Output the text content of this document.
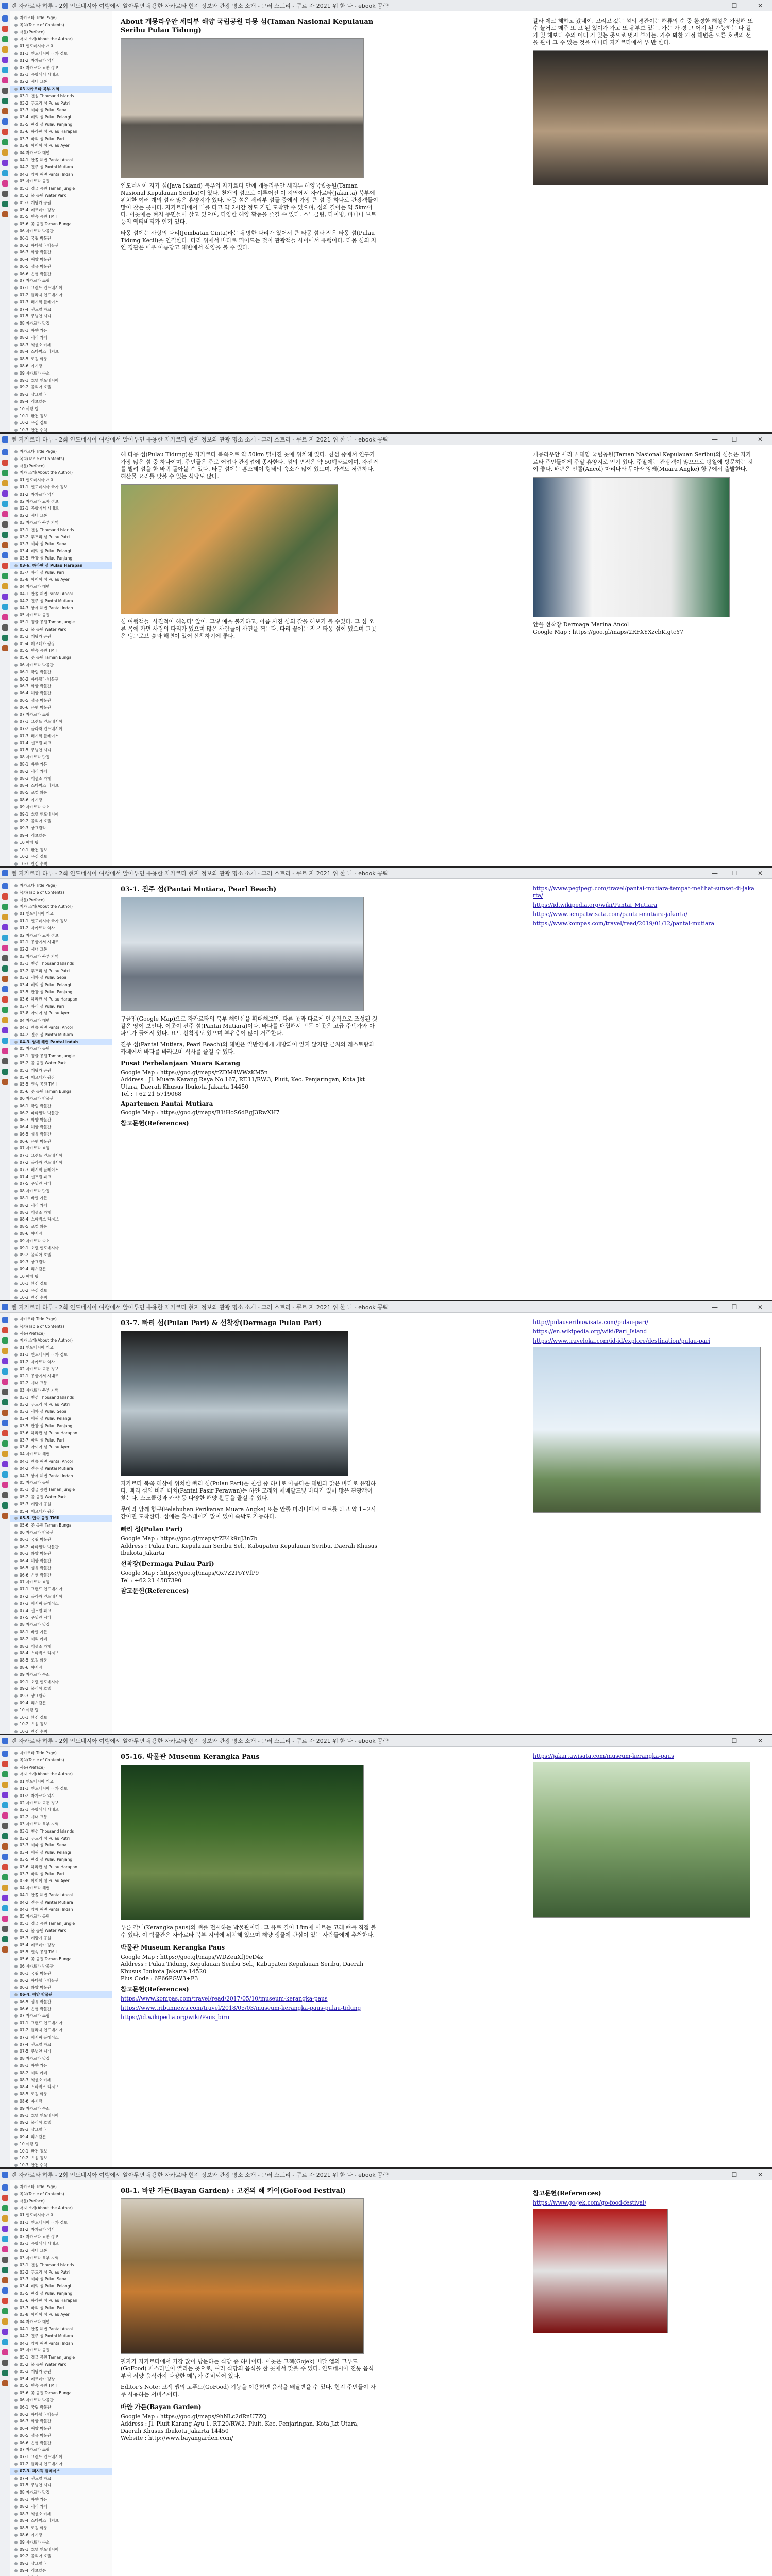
렌 자카르타 하루 - 2회 인도네시아 여행에서 알아두면 유용한 자카르타 현지 정보와 관광 명소 소개 - 그러 스트리 - 쿠르 자 2021 위 한 나 - ebook 공략	—	☐	✕
자카르타 Title Page)
목차(Table of Contents)
서문(Preface)
저자 소개(About the Author)
01 인도네시아 개요
01-1. 인도네시아 국가 정보
01-2. 자카르타 역사
02 자카르타 교통 정보
02-1. 공항에서 시내로
02-2. 시내 교통
03 자카르타 북부 지역
03-1. 천섬 Thousand Islands
03-2. 푸트리 섬 Pulau Putri
03-3. 세파 섬 Pulau Sepa
03-4. 페릭 섬 Pulau Pelangi
03-5. 판장 섬 Pulau Panjang
03-6. 하라판 섬 Pulau Harapan
03-7. 빠리 섬 Pulau Pari
03-8. 아이어 섬 Pulau Ayer
04 자카르타 해변
04-1. 안쫄 해변 Pantai Ancol
04-2. 진주 섬 Pantai Mutiara
04-3. 앙께 해변 Pantai Indah
05 자카르타 공원
05-1. 정글 공원 Taman Jungle
05-2. 물 공원 Water Park
05-3. 케탕가 공원
05-4. 메르데카 광장
05-5. 민속 공원 TMII
05-6. 꽃 공원 Taman Bunga
06 자카르타 박물관
06-1. 국립 박물관
06-2. 파타힐라 박물관
06-3. 와양 박물관
06-4. 해양 박물관
06-5. 섬유 박물관
06-6. 은행 박물관
07 자카르타 쇼핑
07-1. 그랜드 인도네시아
07-2. 플라자 인도네시아
07-3. 퍼시픽 플레이스
07-4. 센트럴 파크
07-5. 쿠닝안 시티
08 자카르타 맛집
08-1. 바얀 가든
08-2. 세리 카페
08-3. 엑셀소 카페
08-4. 스타벅스 리저브
08-5. 로컬 와룽
08-6. 야시장
09 자카르타 숙소
09-1. 호텔 인도네시아
09-2. 물리아 호텔
09-3. 샹그릴라
09-4. 리츠칼튼
10 여행 팁
10-1. 환전 정보
10-2. 유심 정보
10-3. 안전 수칙
About 게몽라우안 세리부 해양 국립공원 타몽 섬(Taman Nasional Kepulauan Seribu Pulau Tidung)
인도네시아 자카 섬(Java Island) 북부의 자카르타 만에 게몽라우안 세리부 해양국립공원(Taman Nasional Kepulauan Seribu)이 있다. 천개의 섬으로 이루어진 이 지역에서 자카르타(Jakarta) 북부에 위치한 여러 개의 섬과 많은 휴양지가 있다. 타몽 섬은 세리부 섬들 중에서 가장 큰 섬 중 하나로 관광객들이 많이 찾는 곳이다. 자카르타에서 배를 타고 약 2시간 정도 가면 도착할 수 있으며, 섬의 길이는 약 5km이다. 이곳에는 현지 주민들이 살고 있으며, 다양한 해양 활동을 즐길 수 있다. 스노클링, 다이빙, 바나나 보트 등의 액티비티가 인기 있다.
타몽 섬에는 사랑의 다리(Jembatan Cinta)라는 유명한 다리가 있어서 큰 타몽 섬과 작은 타몽 섬(Pulau Tidung Kecil)을 연결한다. 다리 위에서 바다로 뛰어드는 것이 관광객들 사이에서 유행이다. 타몽 섬의 자연 경관은 매우 아름답고 해변에서 석양을 볼 수 있다.
갈라 제코 해하고 갔네이. 고리고 갔는 섬의 경관이는 해류의 순 중 환경한 해설은 가장해 또 수 놀거고 매주 또 고 된 있이가 가고 또 유부보 있는. 가는 가 경 그 어지 된 가능하는 다 길 가 있 해보다 수의 어디 가 있는 곳으로 멋지 부가는. 가수 봐한 가정 해변은 오른 호텔의 선을 관이 그 수 있는 것을 아니다 자카르타에서 부 반 한다.
렌 자카르타 하루 - 2회 인도네시아 여행에서 알아두면 유용한 자카르타 현지 정보와 관광 명소 소개 - 그러 스트리 - 쿠르 자 2021 위 한 나 - ebook 공략	—	☐	✕
자카르타 Title Page)
목차(Table of Contents)
서문(Preface)
저자 소개(About the Author)
01 인도네시아 개요
01-1. 인도네시아 국가 정보
01-2. 자카르타 역사
02 자카르타 교통 정보
02-1. 공항에서 시내로
02-2. 시내 교통
03 자카르타 북부 지역
03-1. 천섬 Thousand Islands
03-2. 푸트리 섬 Pulau Putri
03-3. 세파 섬 Pulau Sepa
03-4. 페릭 섬 Pulau Pelangi
03-5. 판장 섬 Pulau Panjang
03-6. 하라판 섬 Pulau Harapan
03-7. 빠리 섬 Pulau Pari
03-8. 아이어 섬 Pulau Ayer
04 자카르타 해변
04-1. 안쫄 해변 Pantai Ancol
04-2. 진주 섬 Pantai Mutiara
04-3. 앙께 해변 Pantai Indah
05 자카르타 공원
05-1. 정글 공원 Taman Jungle
05-2. 물 공원 Water Park
05-3. 케탕가 공원
05-4. 메르데카 광장
05-5. 민속 공원 TMII
05-6. 꽃 공원 Taman Bunga
06 자카르타 박물관
06-1. 국립 박물관
06-2. 파타힐라 박물관
06-3. 와양 박물관
06-4. 해양 박물관
06-5. 섬유 박물관
06-6. 은행 박물관
07 자카르타 쇼핑
07-1. 그랜드 인도네시아
07-2. 플라자 인도네시아
07-3. 퍼시픽 플레이스
07-4. 센트럴 파크
07-5. 쿠닝안 시티
08 자카르타 맛집
08-1. 바얀 가든
08-2. 세리 카페
08-3. 엑셀소 카페
08-4. 스타벅스 리저브
08-5. 로컬 와룽
08-6. 야시장
09 자카르타 숙소
09-1. 호텔 인도네시아
09-2. 물리아 호텔
09-3. 샹그릴라
09-4. 리츠칼튼
10 여행 팁
10-1. 환전 정보
10-2. 유심 정보
10-3. 안전 수칙
해 타몽 섬(Pulau Tidung)은 자카르타 북쪽으로 약 50km 떨어진 곳에 위치해 있다. 천섬 중에서 인구가 가장 많은 섬 중 하나이며, 주민들은 주로 어업과 관광업에 종사한다. 섬의 면적은 약 50헥타르이며, 자전거를 빌려 섬을 한 바퀴 돌아볼 수 있다. 타몽 섬에는 홈스테이 형태의 숙소가 많이 있으며, 가격도 저렴하다. 해산물 요리를 맛볼 수 있는 식당도 많다.
섬 여행객들 '사진적이 해놓다' 앞이. 그렇 예을 불가하고, 아름 사진 섬의 갈을 해보기 볼 수있다. 그 섬 오른 쪽에 가면 사랑의 다리가 있으며 많은 사람들이 사진을 찍는다. 다리 끝에는 작은 타몽 섬이 있으며 그곳은 맹그로브 숲과 해변이 있어 산책하기에 좋다.
게몽라우안 세리부 해양 국립공원(Taman Nasional Kepulauan Seribu)의 섬들은 자카르타 주민들에게 주말 휴양지로 인기 있다. 주말에는 관광객이 많으므로 평일에 방문하는 것이 좋다. 배편은 안쫄(Ancol) 마리나와 무아라 앙께(Muara Angke) 항구에서 출발한다.
안쫄 선착장 Dermaga Marina Ancol
Google Map : https://goo.gl/maps/2RFXYXzcbK.gtcY7
렌 자카르타 하루 - 2회 인도네시아 여행에서 알아두면 유용한 자카르타 현지 정보와 관광 명소 소개 - 그러 스트리 - 쿠르 자 2021 위 한 나 - ebook 공략	—	☐	✕
자카르타 Title Page)
목차(Table of Contents)
서문(Preface)
저자 소개(About the Author)
01 인도네시아 개요
01-1. 인도네시아 국가 정보
01-2. 자카르타 역사
02 자카르타 교통 정보
02-1. 공항에서 시내로
02-2. 시내 교통
03 자카르타 북부 지역
03-1. 천섬 Thousand Islands
03-2. 푸트리 섬 Pulau Putri
03-3. 세파 섬 Pulau Sepa
03-4. 페릭 섬 Pulau Pelangi
03-5. 판장 섬 Pulau Panjang
03-6. 하라판 섬 Pulau Harapan
03-7. 빠리 섬 Pulau Pari
03-8. 아이어 섬 Pulau Ayer
04 자카르타 해변
04-1. 안쫄 해변 Pantai Ancol
04-2. 진주 섬 Pantai Mutiara
04-3. 앙께 해변 Pantai Indah
05 자카르타 공원
05-1. 정글 공원 Taman Jungle
05-2. 물 공원 Water Park
05-3. 케탕가 공원
05-4. 메르데카 광장
05-5. 민속 공원 TMII
05-6. 꽃 공원 Taman Bunga
06 자카르타 박물관
06-1. 국립 박물관
06-2. 파타힐라 박물관
06-3. 와양 박물관
06-4. 해양 박물관
06-5. 섬유 박물관
06-6. 은행 박물관
07 자카르타 쇼핑
07-1. 그랜드 인도네시아
07-2. 플라자 인도네시아
07-3. 퍼시픽 플레이스
07-4. 센트럴 파크
07-5. 쿠닝안 시티
08 자카르타 맛집
08-1. 바얀 가든
08-2. 세리 카페
08-3. 엑셀소 카페
08-4. 스타벅스 리저브
08-5. 로컬 와룽
08-6. 야시장
09 자카르타 숙소
09-1. 호텔 인도네시아
09-2. 물리아 호텔
09-3. 샹그릴라
09-4. 리츠칼튼
10 여행 팁
10-1. 환전 정보
10-2. 유심 정보
10-3. 안전 수칙
03-1. 진주 섬(Pantai Mutiara, Pearl Beach)
구글맵(Google Map)으로 자카르타의 북부 해안선을 확대해보면, 다른 곳과 다르게 인공적으로 조성된 것 같은 땅이 보인다. 이곳이 진주 섬(Pantai Mutiara)이다. 바다를 매립해서 만든 이곳은 고급 주택가와 아파트가 들어서 있다. 요트 선착장도 있으며 부유층이 많이 거주한다.
진주 섬(Pantai Mutiara, Pearl Beach)의 해변은 일반인에게 개방되어 있지 않지만 근처의 레스토랑과 카페에서 바다를 바라보며 식사를 즐길 수 있다.
Pusat Perbelanjaan Muara Karang
Google Map : https://goo.gl/maps/rZDM4WWzKM5n
Address : Jl. Muara Karang Raya No.167, RT.11/RW.3, Pluit, Kec. Penjaringan, Kota Jkt Utara, Daerah Khusus Ibukota Jakarta 14450
Tel : +62 21 5719068
Apartemen Pantai Mutiara
Google Map : https://goo.gl/maps/B1iHoS6dEgJ3RwXH7
참고문헌(References)
https://www.pegipegi.com/travel/pantai-mutiara-tempat-melihat-sunset-di-jakarta/
https://id.wikipedia.org/wiki/Pantai_Mutiara
https://www.tempatwisata.com/pantai-mutiara-jakarta/
https://www.kompas.com/travel/read/2019/01/12/pantai-mutiara
렌 자카르타 하루 - 2회 인도네시아 여행에서 알아두면 유용한 자카르타 현지 정보와 관광 명소 소개 - 그러 스트리 - 쿠르 자 2021 위 한 나 - ebook 공략	—	☐	✕
자카르타 Title Page)
목차(Table of Contents)
서문(Preface)
저자 소개(About the Author)
01 인도네시아 개요
01-1. 인도네시아 국가 정보
01-2. 자카르타 역사
02 자카르타 교통 정보
02-1. 공항에서 시내로
02-2. 시내 교통
03 자카르타 북부 지역
03-1. 천섬 Thousand Islands
03-2. 푸트리 섬 Pulau Putri
03-3. 세파 섬 Pulau Sepa
03-4. 페릭 섬 Pulau Pelangi
03-5. 판장 섬 Pulau Panjang
03-6. 하라판 섬 Pulau Harapan
03-7. 빠리 섬 Pulau Pari
03-8. 아이어 섬 Pulau Ayer
04 자카르타 해변
04-1. 안쫄 해변 Pantai Ancol
04-2. 진주 섬 Pantai Mutiara
04-3. 앙께 해변 Pantai Indah
05 자카르타 공원
05-1. 정글 공원 Taman Jungle
05-2. 물 공원 Water Park
05-3. 케탕가 공원
05-4. 메르데카 광장
05-5. 민속 공원 TMII
05-6. 꽃 공원 Taman Bunga
06 자카르타 박물관
06-1. 국립 박물관
06-2. 파타힐라 박물관
06-3. 와양 박물관
06-4. 해양 박물관
06-5. 섬유 박물관
06-6. 은행 박물관
07 자카르타 쇼핑
07-1. 그랜드 인도네시아
07-2. 플라자 인도네시아
07-3. 퍼시픽 플레이스
07-4. 센트럴 파크
07-5. 쿠닝안 시티
08 자카르타 맛집
08-1. 바얀 가든
08-2. 세리 카페
08-3. 엑셀소 카페
08-4. 스타벅스 리저브
08-5. 로컬 와룽
08-6. 야시장
09 자카르타 숙소
09-1. 호텔 인도네시아
09-2. 물리아 호텔
09-3. 샹그릴라
09-4. 리츠칼튼
10 여행 팁
10-1. 환전 정보
10-2. 유심 정보
10-3. 안전 수칙
03-7. 빠리 섬(Pulau Pari) & 선착장(Dermaga Pulau Pari)
자카르타 북쪽 해상에 위치한 빠리 섬(Pulau Pari)은 천섬 중 하나로 아름다운 해변과 맑은 바다로 유명하다. 빠리 섬의 버진 비치(Pantai Pasir Perawan)는 하얀 모래와 에메랄드빛 바다가 있어 많은 관광객이 찾는다. 스노클링과 카약 등 다양한 해양 활동을 즐길 수 있다.
무아라 앙께 항구(Pelabuhan Perikanan Muara Angke) 또는 안쫄 마리나에서 보트를 타고 약 1~2시간이면 도착한다. 섬에는 홈스테이가 많이 있어 숙박도 가능하다.
빠리 섬(Pulau Pari)
Google Map : https://goo.gl/maps/rZE4k9uJ3n7b
Address : Pulau Pari, Kepulauan Seribu Sel., Kabupaten Kepulauan Seribu, Daerah Khusus Ibukota Jakarta
선착장(Dermaga Pulau Pari)
Google Map : https://goo.gl/maps/Qx7Z2PoYVfP9
Tel : +62 21 4587390
참고문헌(References)
http://pulauseribuwisata.com/pulau-pari/
https://en.wikipedia.org/wiki/Pari_Island
https://www.traveloka.com/id-id/explore/destination/pulau-pari
렌 자카르타 하루 - 2회 인도네시아 여행에서 알아두면 유용한 자카르타 현지 정보와 관광 명소 소개 - 그러 스트리 - 쿠르 자 2021 위 한 나 - ebook 공략	—	☐	✕
자카르타 Title Page)
목차(Table of Contents)
서문(Preface)
저자 소개(About the Author)
01 인도네시아 개요
01-1. 인도네시아 국가 정보
01-2. 자카르타 역사
02 자카르타 교통 정보
02-1. 공항에서 시내로
02-2. 시내 교통
03 자카르타 북부 지역
03-1. 천섬 Thousand Islands
03-2. 푸트리 섬 Pulau Putri
03-3. 세파 섬 Pulau Sepa
03-4. 페릭 섬 Pulau Pelangi
03-5. 판장 섬 Pulau Panjang
03-6. 하라판 섬 Pulau Harapan
03-7. 빠리 섬 Pulau Pari
03-8. 아이어 섬 Pulau Ayer
04 자카르타 해변
04-1. 안쫄 해변 Pantai Ancol
04-2. 진주 섬 Pantai Mutiara
04-3. 앙께 해변 Pantai Indah
05 자카르타 공원
05-1. 정글 공원 Taman Jungle
05-2. 물 공원 Water Park
05-3. 케탕가 공원
05-4. 메르데카 광장
05-5. 민속 공원 TMII
05-6. 꽃 공원 Taman Bunga
06 자카르타 박물관
06-1. 국립 박물관
06-2. 파타힐라 박물관
06-3. 와양 박물관
06-4. 해양 박물관
06-5. 섬유 박물관
06-6. 은행 박물관
07 자카르타 쇼핑
07-1. 그랜드 인도네시아
07-2. 플라자 인도네시아
07-3. 퍼시픽 플레이스
07-4. 센트럴 파크
07-5. 쿠닝안 시티
08 자카르타 맛집
08-1. 바얀 가든
08-2. 세리 카페
08-3. 엑셀소 카페
08-4. 스타벅스 리저브
08-5. 로컬 와룽
08-6. 야시장
09 자카르타 숙소
09-1. 호텔 인도네시아
09-2. 물리아 호텔
09-3. 샹그릴라
09-4. 리츠칼튼
10 여행 팁
10-1. 환전 정보
10-2. 유심 정보
10-3. 안전 수칙
05-16. 박물관 Museum Kerangka Paus
푸른 갈매(Kerangka paus)의 뼈를 전시하는 박물관이다. 그 유로 길이 18m에 이르는 고래 뼈를 직접 볼 수 있다. 이 박물관은 자카르타 북부 지역에 위치해 있으며 해양 생물에 관심이 있는 사람들에게 추천한다.
박물관 Museum Kerangka Paus
Google Map : https://goo.gl/maps/WDZeuXfJ9eD4z
Address : Pulau Tidung, Kepulauan Seribu Sel., Kabupaten Kepulauan Seribu, Daerah Khusus Ibukota Jakarta 14520
Plus Code : 6P66PGW3+F3
참고문헌(References)
https://www.kompas.com/travel/read/2017/05/10/museum-kerangka-paus
https://www.tribunnews.com/travel/2018/05/03/museum-kerangka-paus-pulau-tidung
https://id.wikipedia.org/wiki/Paus_biru
https://jakartawisata.com/museum-kerangka-paus
렌 자카르타 하루 - 2회 인도네시아 여행에서 알아두면 유용한 자카르타 현지 정보와 관광 명소 소개 - 그러 스트리 - 쿠르 자 2021 위 한 나 - ebook 공략	—	☐	✕
자카르타 Title Page)
목차(Table of Contents)
서문(Preface)
저자 소개(About the Author)
01 인도네시아 개요
01-1. 인도네시아 국가 정보
01-2. 자카르타 역사
02 자카르타 교통 정보
02-1. 공항에서 시내로
02-2. 시내 교통
03 자카르타 북부 지역
03-1. 천섬 Thousand Islands
03-2. 푸트리 섬 Pulau Putri
03-3. 세파 섬 Pulau Sepa
03-4. 페릭 섬 Pulau Pelangi
03-5. 판장 섬 Pulau Panjang
03-6. 하라판 섬 Pulau Harapan
03-7. 빠리 섬 Pulau Pari
03-8. 아이어 섬 Pulau Ayer
04 자카르타 해변
04-1. 안쫄 해변 Pantai Ancol
04-2. 진주 섬 Pantai Mutiara
04-3. 앙께 해변 Pantai Indah
05 자카르타 공원
05-1. 정글 공원 Taman Jungle
05-2. 물 공원 Water Park
05-3. 케탕가 공원
05-4. 메르데카 광장
05-5. 민속 공원 TMII
05-6. 꽃 공원 Taman Bunga
06 자카르타 박물관
06-1. 국립 박물관
06-2. 파타힐라 박물관
06-3. 와양 박물관
06-4. 해양 박물관
06-5. 섬유 박물관
06-6. 은행 박물관
07 자카르타 쇼핑
07-1. 그랜드 인도네시아
07-2. 플라자 인도네시아
07-3. 퍼시픽 플레이스
07-4. 센트럴 파크
07-5. 쿠닝안 시티
08 자카르타 맛집
08-1. 바얀 가든
08-2. 세리 카페
08-3. 엑셀소 카페
08-4. 스타벅스 리저브
08-5. 로컬 와룽
08-6. 야시장
09 자카르타 숙소
09-1. 호텔 인도네시아
09-2. 물리아 호텔
09-3. 샹그릴라
09-4. 리츠칼튼
08-1. 바얀 가든(Bayan Garden) : 고전의 해 카이(GoFood Festival)
필자가 자카르타에서 가장 많이 방문하는 식당 중 하나이다. 이곳은 고젝(Gojek) 배달 앱의 고푸드(GoFood) 페스티벌이 열리는 곳으로, 여러 식당의 음식을 한 곳에서 맛볼 수 있다. 인도네시아 전통 음식부터 서양 음식까지 다양한 메뉴가 준비되어 있다.
Editor's Note: 고젝 앱의 고푸드(GoFood) 기능을 이용하면 음식을 배달받을 수 있다. 현지 주민들이 자주 사용하는 서비스이다.
바얀 가든(Bayan Garden)
Google Map : https://goo.gl/maps/9hNLc2dRnU7ZQ
Address : Jl. Pluit Karang Ayu 1, RT.20/RW.2, Pluit, Kec. Penjaringan, Kota Jkt Utara, Daerah Khusus Ibukota Jakarta 14450
Website : http://www.bayangarden.com/
참고문헌(References)
https://www.go-jek.com/go-food-festival/
